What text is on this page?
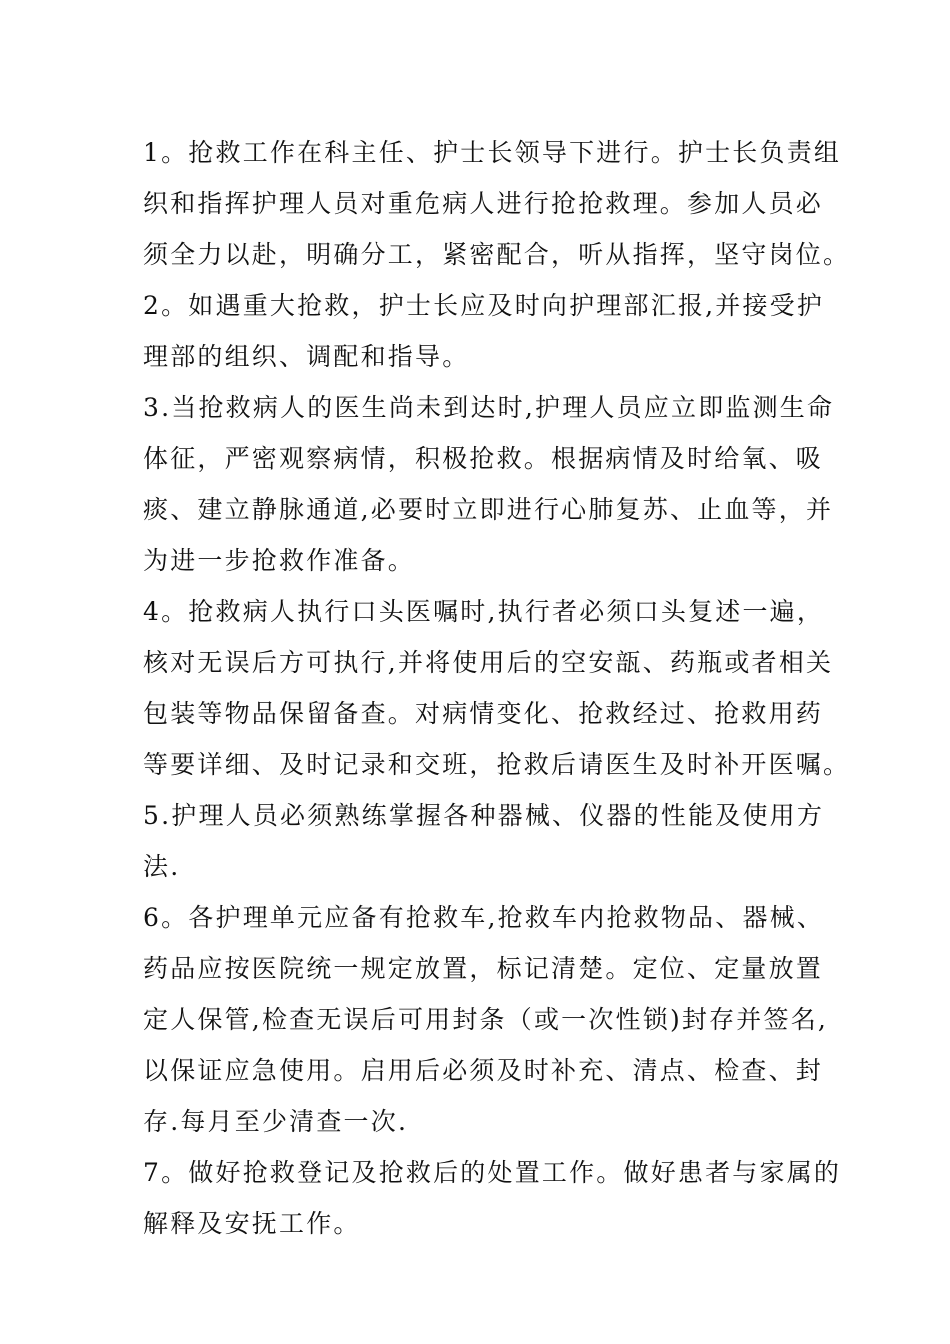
1。抢救工作在科主任、护士长领导下进行。护士长负责组
织和指挥护理人员对重危病人进行抢抢救理。参加人员必
须全力以赴，明确分工，紧密配合，听从指挥，坚守岗位。
2。如遇重大抢救，护士长应及时向护理部汇报,并接受护
理部的组织、调配和指导。
3.当抢救病人的医生尚未到达时,护理人员应立即监测生命
体征，严密观察病情，积极抢救。根据病情及时给氧、吸
痰、建立静脉通道,必要时立即进行心肺复苏、止血等，并
为进一步抢救作准备。
4。抢救病人执行口头医嘱时,执行者必须口头复述一遍，
核对无误后方可执行,并将使用后的空安瓿、药瓶或者相关
包装等物品保留备查。对病情变化、抢救经过、抢救用药
等要详细、及时记录和交班，抢救后请医生及时补开医嘱。
5.护理人员必须熟练掌握各种器械、仪器的性能及使用方
法.
6。各护理单元应备有抢救车,抢救车内抢救物品、器械、
药品应按医院统一规定放置，标记清楚。定位、定量放置
定人保管,检查无误后可用封条（或一次性锁)封存并签名,
以保证应急使用。启用后必须及时补充、清点、检查、封
存.每月至少清查一次.
7。做好抢救登记及抢救后的处置工作。做好患者与家属的
解释及安抚工作。
